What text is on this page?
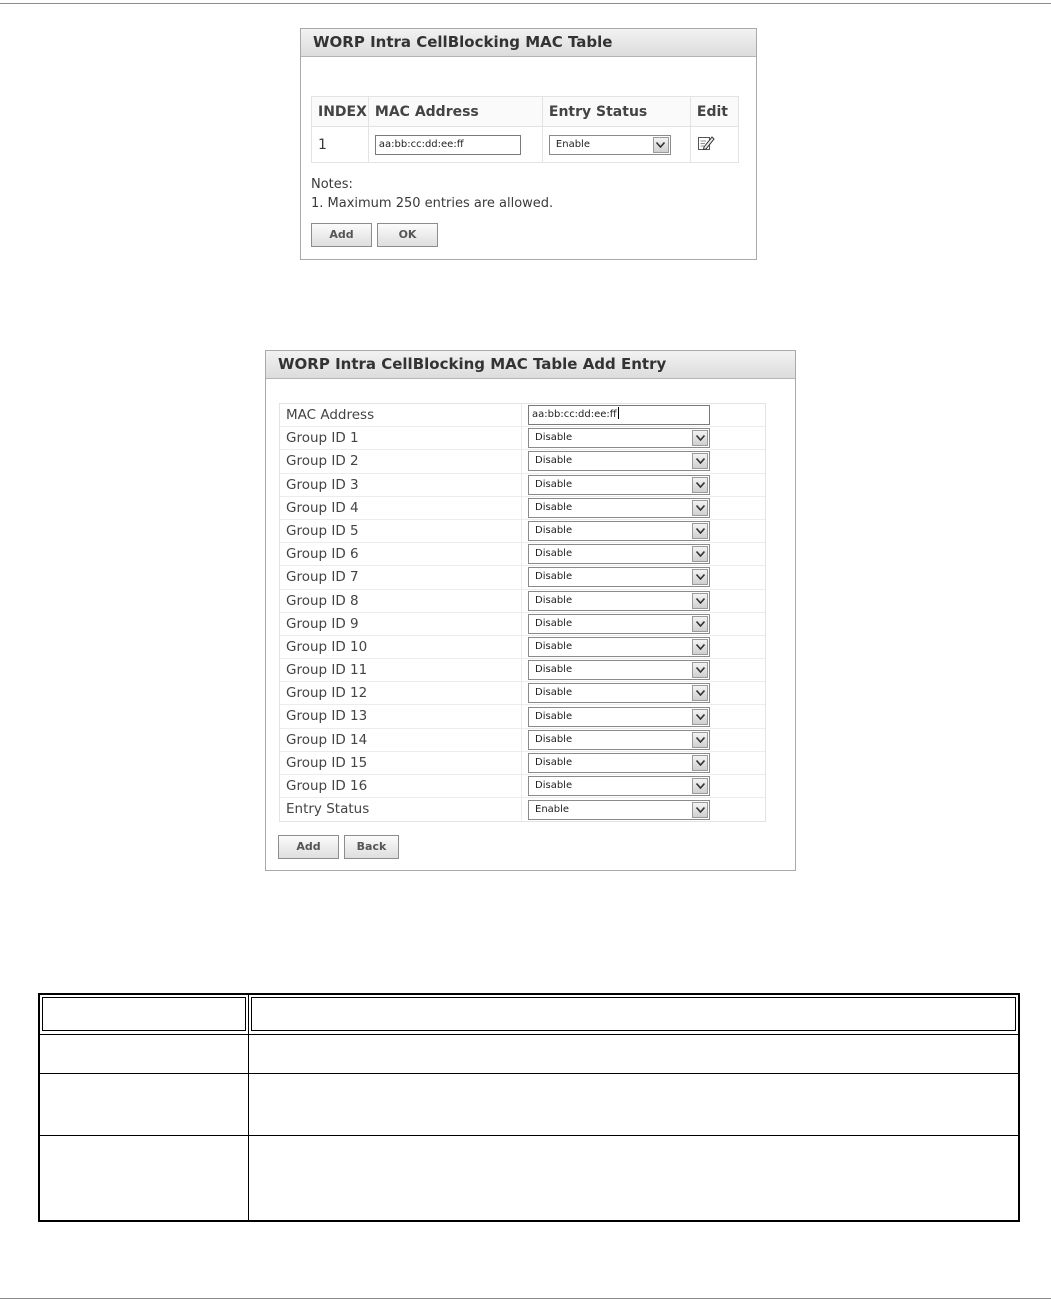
WORP Intra CellBlocking MAC Table
INDEX	MAC Address	Entry Status	Edit
1	aa:bb:cc:dd:ee:ff	Enable

Notes:
1. Maximum 250 entries are allowed.
Add	OK
WORP Intra CellBlocking MAC Table Add Entry
MAC Address	aa:bb:cc:dd:ee:ff
Group ID 1	Disable
Group ID 2	Disable
Group ID 3	Disable
Group ID 4	Disable
Group ID 5	Disable
Group ID 6	Disable
Group ID 7	Disable
Group ID 8	Disable
Group ID 9	Disable
Group ID 10	Disable
Group ID 11	Disable
Group ID 12	Disable
Group ID 13	Disable
Group ID 14	Disable
Group ID 15	Disable
Group ID 16	Disable
Entry Status	Enable
Add	Back
